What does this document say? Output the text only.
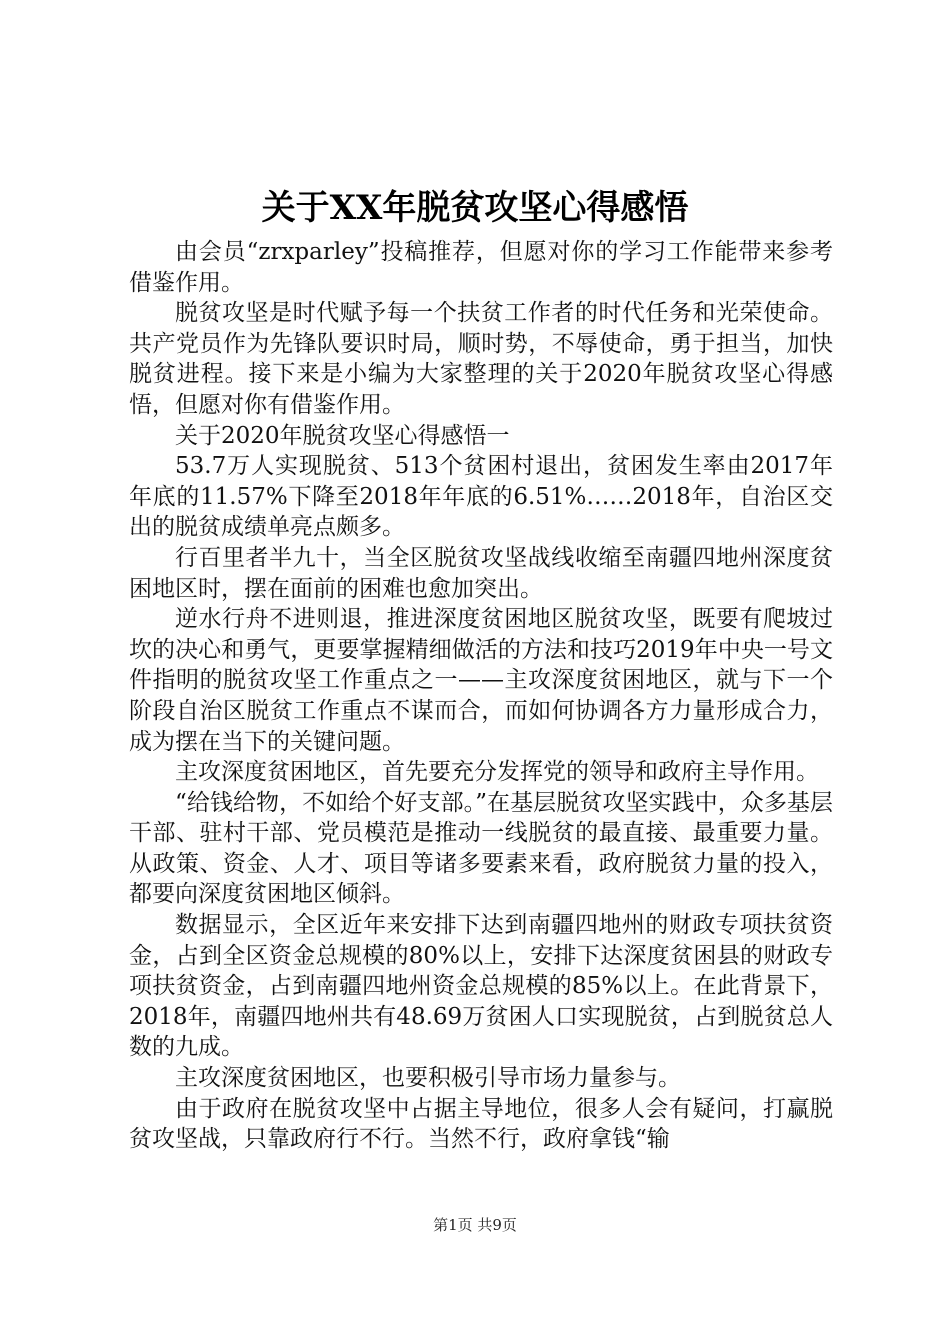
关于XX年脱贫攻坚心得感悟

由会员“zrxparley”投稿推荐，但愿对你的学习工作能带来参考借鉴作用。

脱贫攻坚是时代赋予每一个扶贫工作者的时代任务和光荣使命。共产党员作为先锋队要识时局，顺时势，不辱使命，勇于担当，加快脱贫进程。接下来是小编为大家整理的关于2020年脱贫攻坚心得感悟，但愿对你有借鉴作用。

关于2020年脱贫攻坚心得感悟一

53.7万人实现脱贫、513个贫困村退出，贫困发生率由2017年年底的11.57%下降至2018年年底的6.51%……2018年，自治区交出的脱贫成绩单亮点颇多。

行百里者半九十，当全区脱贫攻坚战线收缩至南疆四地州深度贫困地区时，摆在面前的困难也愈加突出。

逆水行舟不进则退，推进深度贫困地区脱贫攻坚，既要有爬坡过坎的决心和勇气，更要掌握精细做活的方法和技巧2019年中央一号文件指明的脱贫攻坚工作重点之一——主攻深度贫困地区，就与下一个阶段自治区脱贫工作重点不谋而合，而如何协调各方力量形成合力，成为摆在当下的关键问题。

主攻深度贫困地区，首先要充分发挥党的领导和政府主导作用。

“给钱给物，不如给个好支部。”在基层脱贫攻坚实践中，众多基层干部、驻村干部、党员模范是推动一线脱贫的最直接、最重要力量。从政策、资金、人才、项目等诸多要素来看，政府脱贫力量的投入，都要向深度贫困地区倾斜。

数据显示，全区近年来安排下达到南疆四地州的财政专项扶贫资金，占到全区资金总规模的80%以上，安排下达深度贫困县的财政专项扶贫资金，占到南疆四地州资金总规模的85%以上。在此背景下，2018年，南疆四地州共有48.69万贫困人口实现脱贫，占到脱贫总人数的九成。

主攻深度贫困地区，也要积极引导市场力量参与。

由于政府在脱贫攻坚中占据主导地位，很多人会有疑问，打赢脱贫攻坚战，只靠政府行不行。当然不行，政府拿钱“输

第1页 共9页
